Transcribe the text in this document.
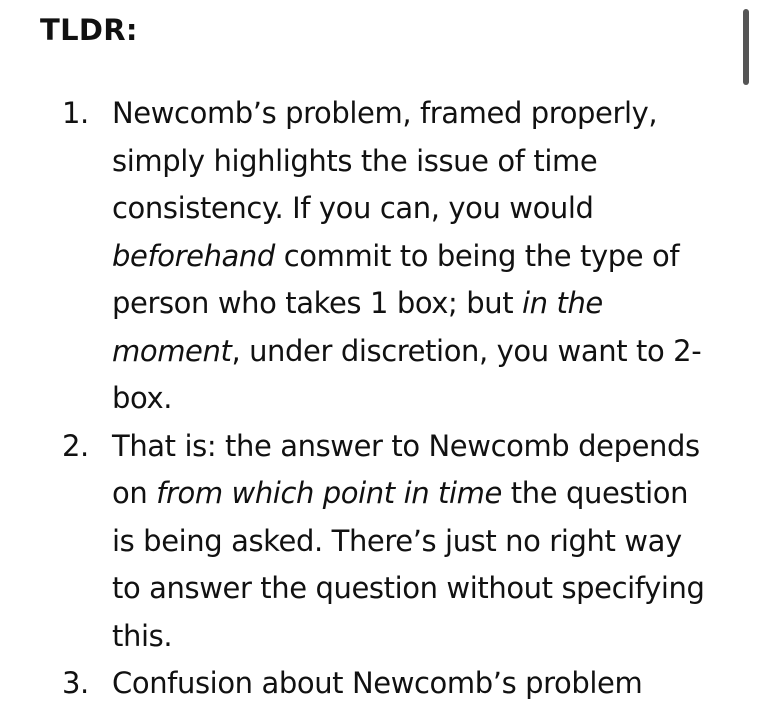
TLDR:
1. Newcomb’s problem, framed properly, simply highlights the issue of time consistency. If you can, you would beforehand commit to being the type of person who takes 1 box; but in the moment, under discretion, you want to 2-box.
2. That is: the answer to Newcomb depends on from which point in time the question is being asked. There’s just no right way to answer the question without specifying this.
3. Confusion about Newcomb’s problem
